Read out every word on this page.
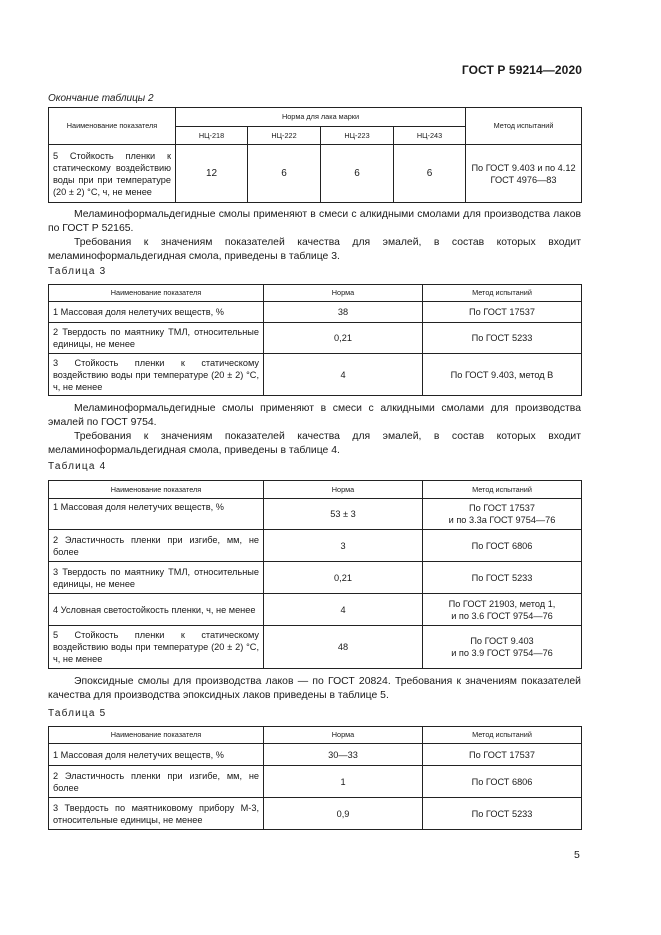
ГОСТ Р 59214—2020
Окончание таблицы 2
Наименование показателя	Норма для лака марки				Метод испытаний
	НЦ-218	НЦ-222	НЦ-223	НЦ-243	
5 Стойкость пленки к статическому воздействию воды при при температуре (20 ± 2) °С, ч, не менее	12	6	6	6	По ГОСТ 9.403 и по 4.12 ГОСТ 4976—83

Меламиноформальдегидные смолы применяют в смеси с алкидными смолами для производства лаков по ГОСТ Р 52165.

Требования к значениям показателей качества для эмалей, в состав которых входит меламиноформальдегидная смола, приведены в таблице 3.

Таблица 3
Наименование показателя	Норма	Метод испытаний
1 Массовая доля нелетучих веществ, %	38	По ГОСТ 17537
2 Твердость по маятнику ТМЛ, относительные единицы, не менее	0,21	По ГОСТ 5233
3 Стойкость пленки к статическому воздействию воды при температуре (20 ± 2) °С, ч, не менее	4	По ГОСТ 9.403, метод В

Меламиноформальдегидные смолы применяют в смеси с алкидными смолами для производства эмалей по ГОСТ 9754.

Требования к значениям показателей качества для эмалей, в состав которых входит меламиноформальдегидная смола, приведены в таблице 4.

Таблица 4
Наименование показателя	Норма	Метод испытаний
1 Массовая доля нелетучих веществ, %	53 ± 3	По ГОСТ 17537
и по 3.3а ГОСТ 9754—76

2 Эластичность пленки при изгибе, мм, не более	3	По ГОСТ 6806

3 Твердость по маятнику ТМЛ, относительные единицы, не менее	0,21	По ГОСТ 5233

4 Условная светостойкость пленки, ч, не менее	4	По ГОСТ 21903, метод 1,
и по 3.6 ГОСТ 9754—76

5 Стойкость пленки к статическому воздействию воды при температуре (20 ± 2) °С, ч, не менее	48	По ГОСТ 9.403
и по 3.9 ГОСТ 9754—76

Эпоксидные смолы для производства лаков — по ГОСТ 20824. Требования к значениям показателей качества для производства эпоксидных лаков приведены в таблице 5.

Таблица 5
Наименование показателя	Норма	Метод испытаний
1 Массовая доля нелетучих веществ, %	30—33	По ГОСТ 17537
2 Эластичность пленки при изгибе, мм, не более	1	По ГОСТ 6806
3 Твердость по маятниковому прибору М-3, относительные единицы, не менее	0,9	По ГОСТ 5233
5
